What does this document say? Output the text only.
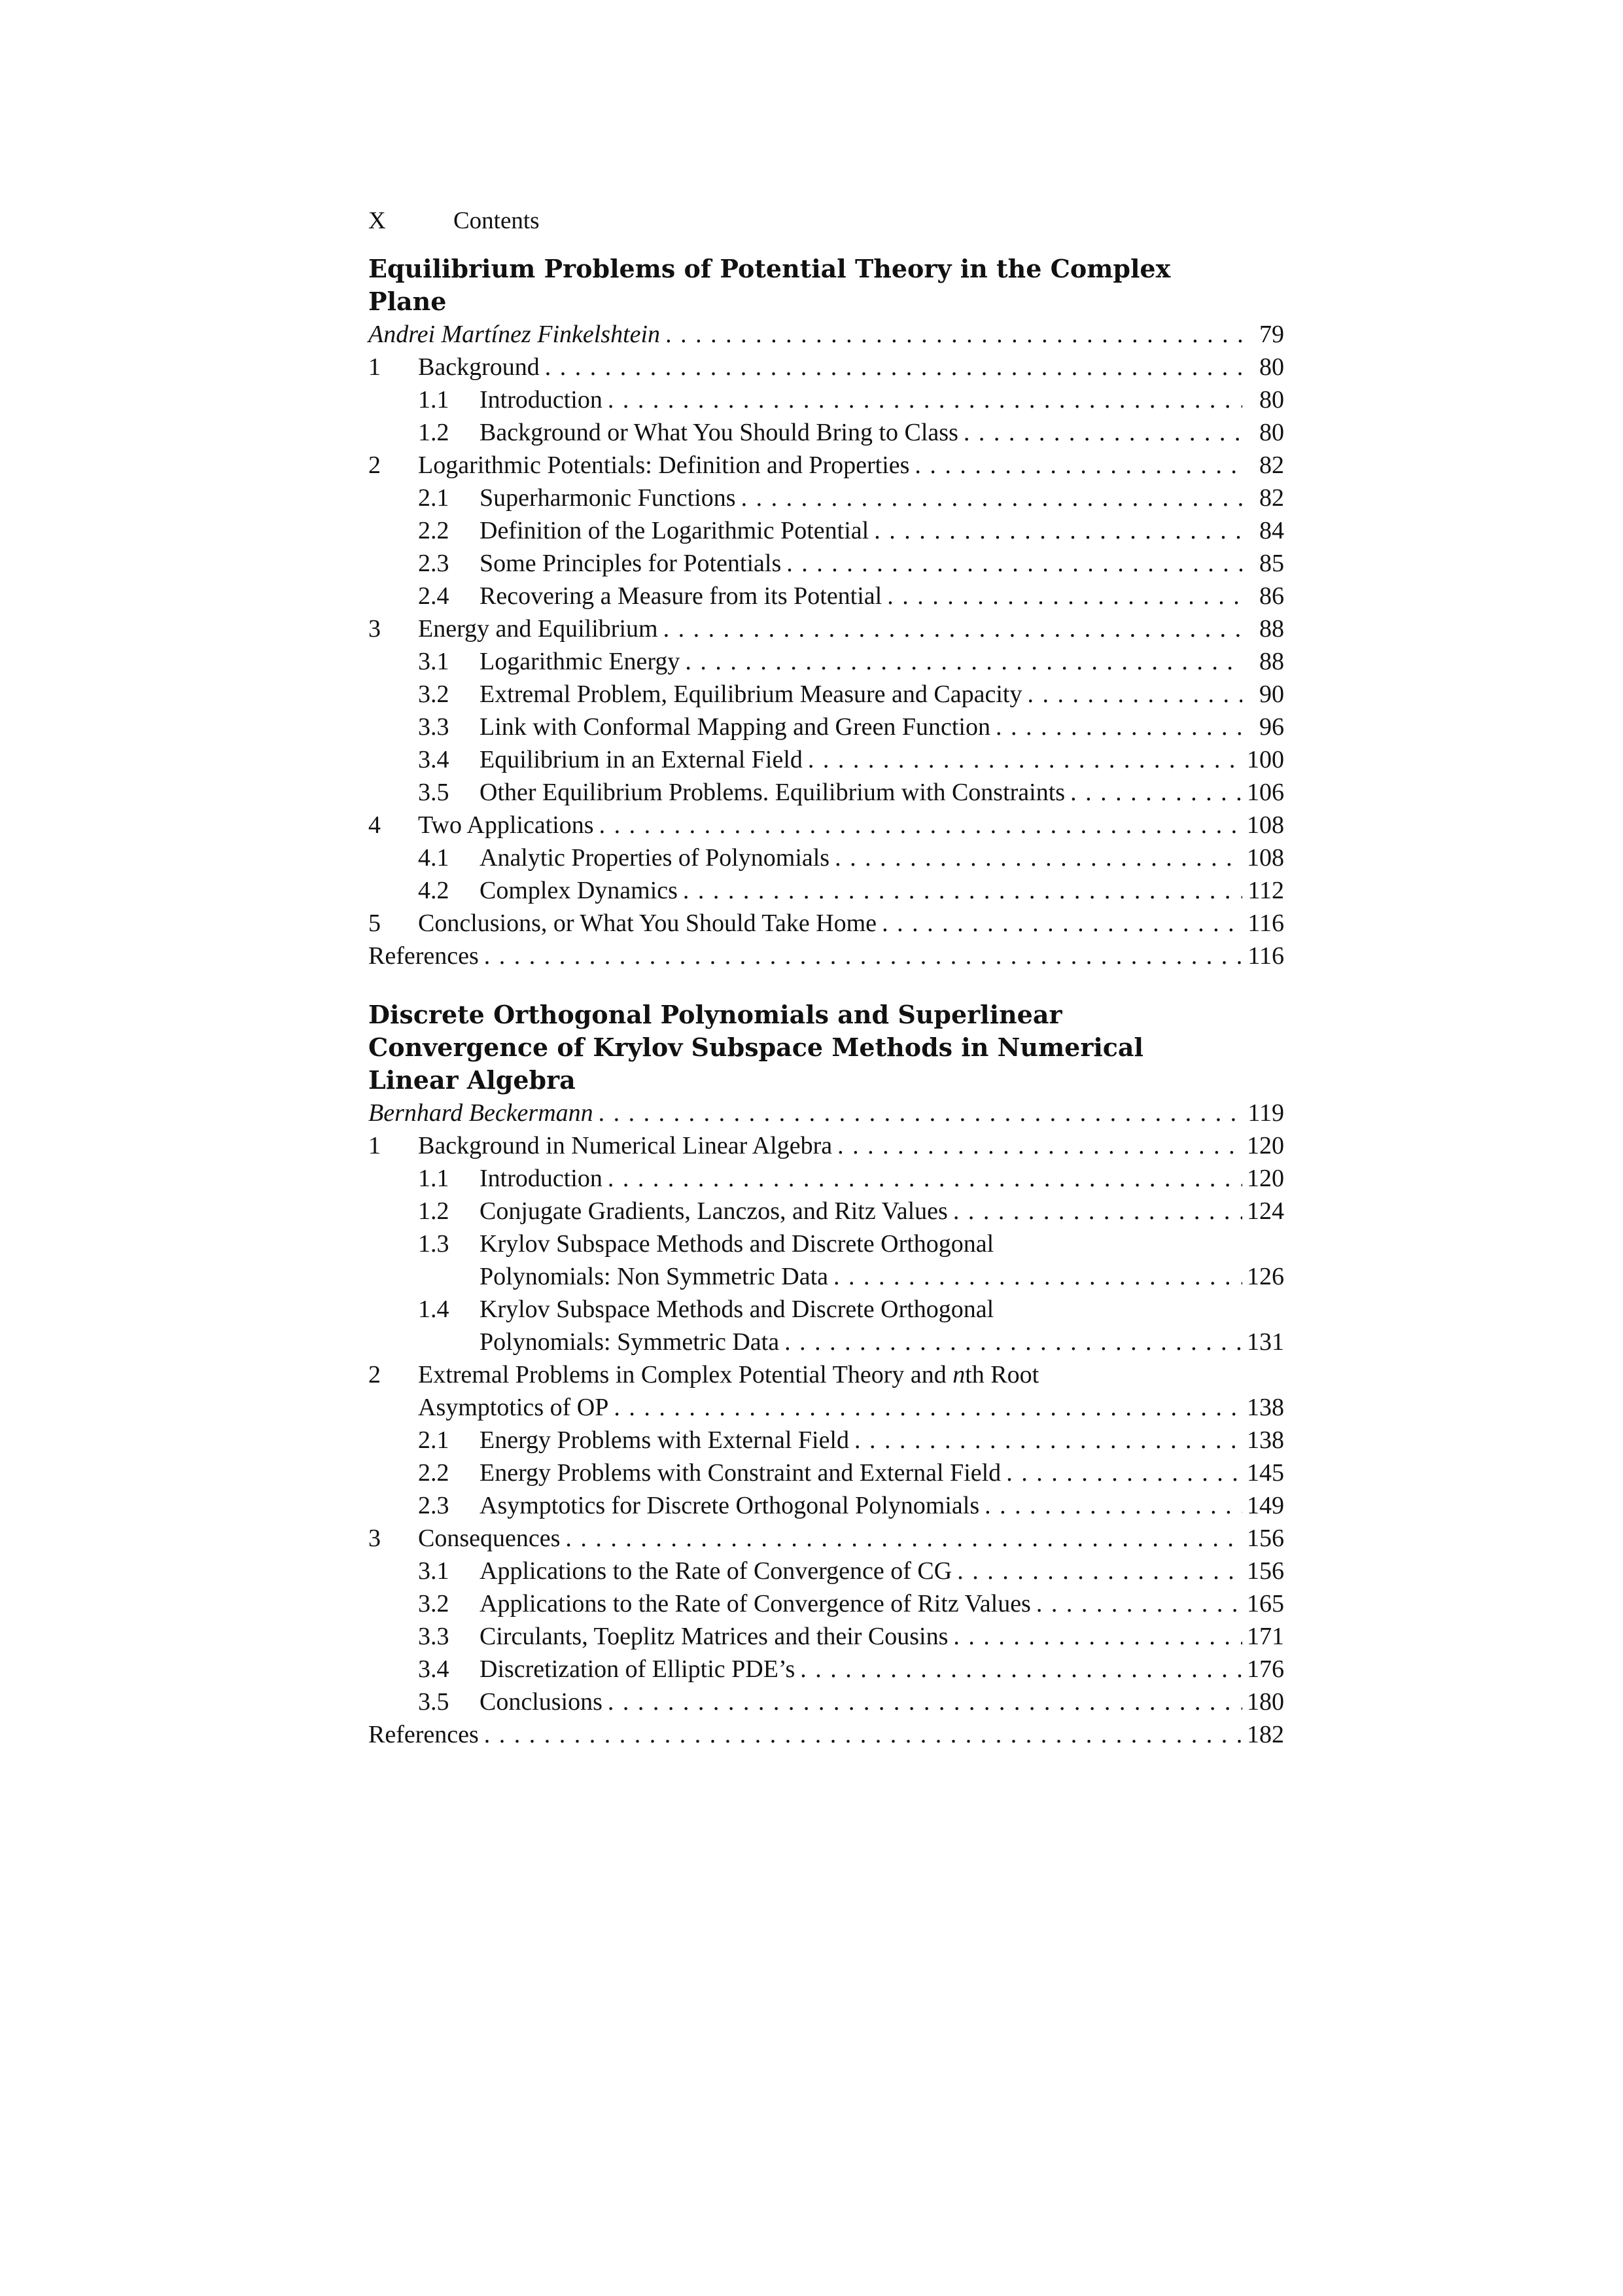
X	Contents
Equilibrium Problems of Potential Theory in the Complex
Plane
Andrei Martínez Finkelshtein . . .	79
1	Background . . .	80
1.1	Introduction . . .	80
1.2	Background or What You Should Bring to Class . . .	80
2	Logarithmic Potentials: Definition and Properties . . .	82
2.1	Superharmonic Functions . . .	82
2.2	Definition of the Logarithmic Potential . . .	84
2.3	Some Principles for Potentials . . .	85
2.4	Recovering a Measure from its Potential . . .	86
3	Energy and Equilibrium . . .	88
3.1	Logarithmic Energy . . .	88
3.2	Extremal Problem, Equilibrium Measure and Capacity . . .	90
3.3	Link with Conformal Mapping and Green Function . . .	96
3.4	Equilibrium in an External Field . . .	100
3.5	Other Equilibrium Problems. Equilibrium with Constraints . . .	106
4	Two Applications . . .	108
4.1	Analytic Properties of Polynomials . . .	108
4.2	Complex Dynamics . . .	112
5	Conclusions, or What You Should Take Home . . .	116
References . . .	116
Discrete Orthogonal Polynomials and Superlinear
Convergence of Krylov Subspace Methods in Numerical
Linear Algebra
Bernhard Beckermann . . .	119
1	Background in Numerical Linear Algebra . . .	120
1.1	Introduction . . .	120
1.2	Conjugate Gradients, Lanczos, and Ritz Values . . .	124
1.3	Krylov Subspace Methods and Discrete Orthogonal
Polynomials: Non Symmetric Data . . .	126
1.4	Krylov Subspace Methods and Discrete Orthogonal
Polynomials: Symmetric Data . . .	131
2	Extremal Problems in Complex Potential Theory and nth Root
Asymptotics of OP . . .	138
2.1	Energy Problems with External Field . . .	138
2.2	Energy Problems with Constraint and External Field . . .	145
2.3	Asymptotics for Discrete Orthogonal Polynomials . . .	149
3	Consequences . . .	156
3.1	Applications to the Rate of Convergence of CG . . .	156
3.2	Applications to the Rate of Convergence of Ritz Values . . .	165
3.3	Circulants, Toeplitz Matrices and their Cousins . . .	171
3.4	Discretization of Elliptic PDE’s . . .	176
3.5	Conclusions . . .	180
References . . .	182
